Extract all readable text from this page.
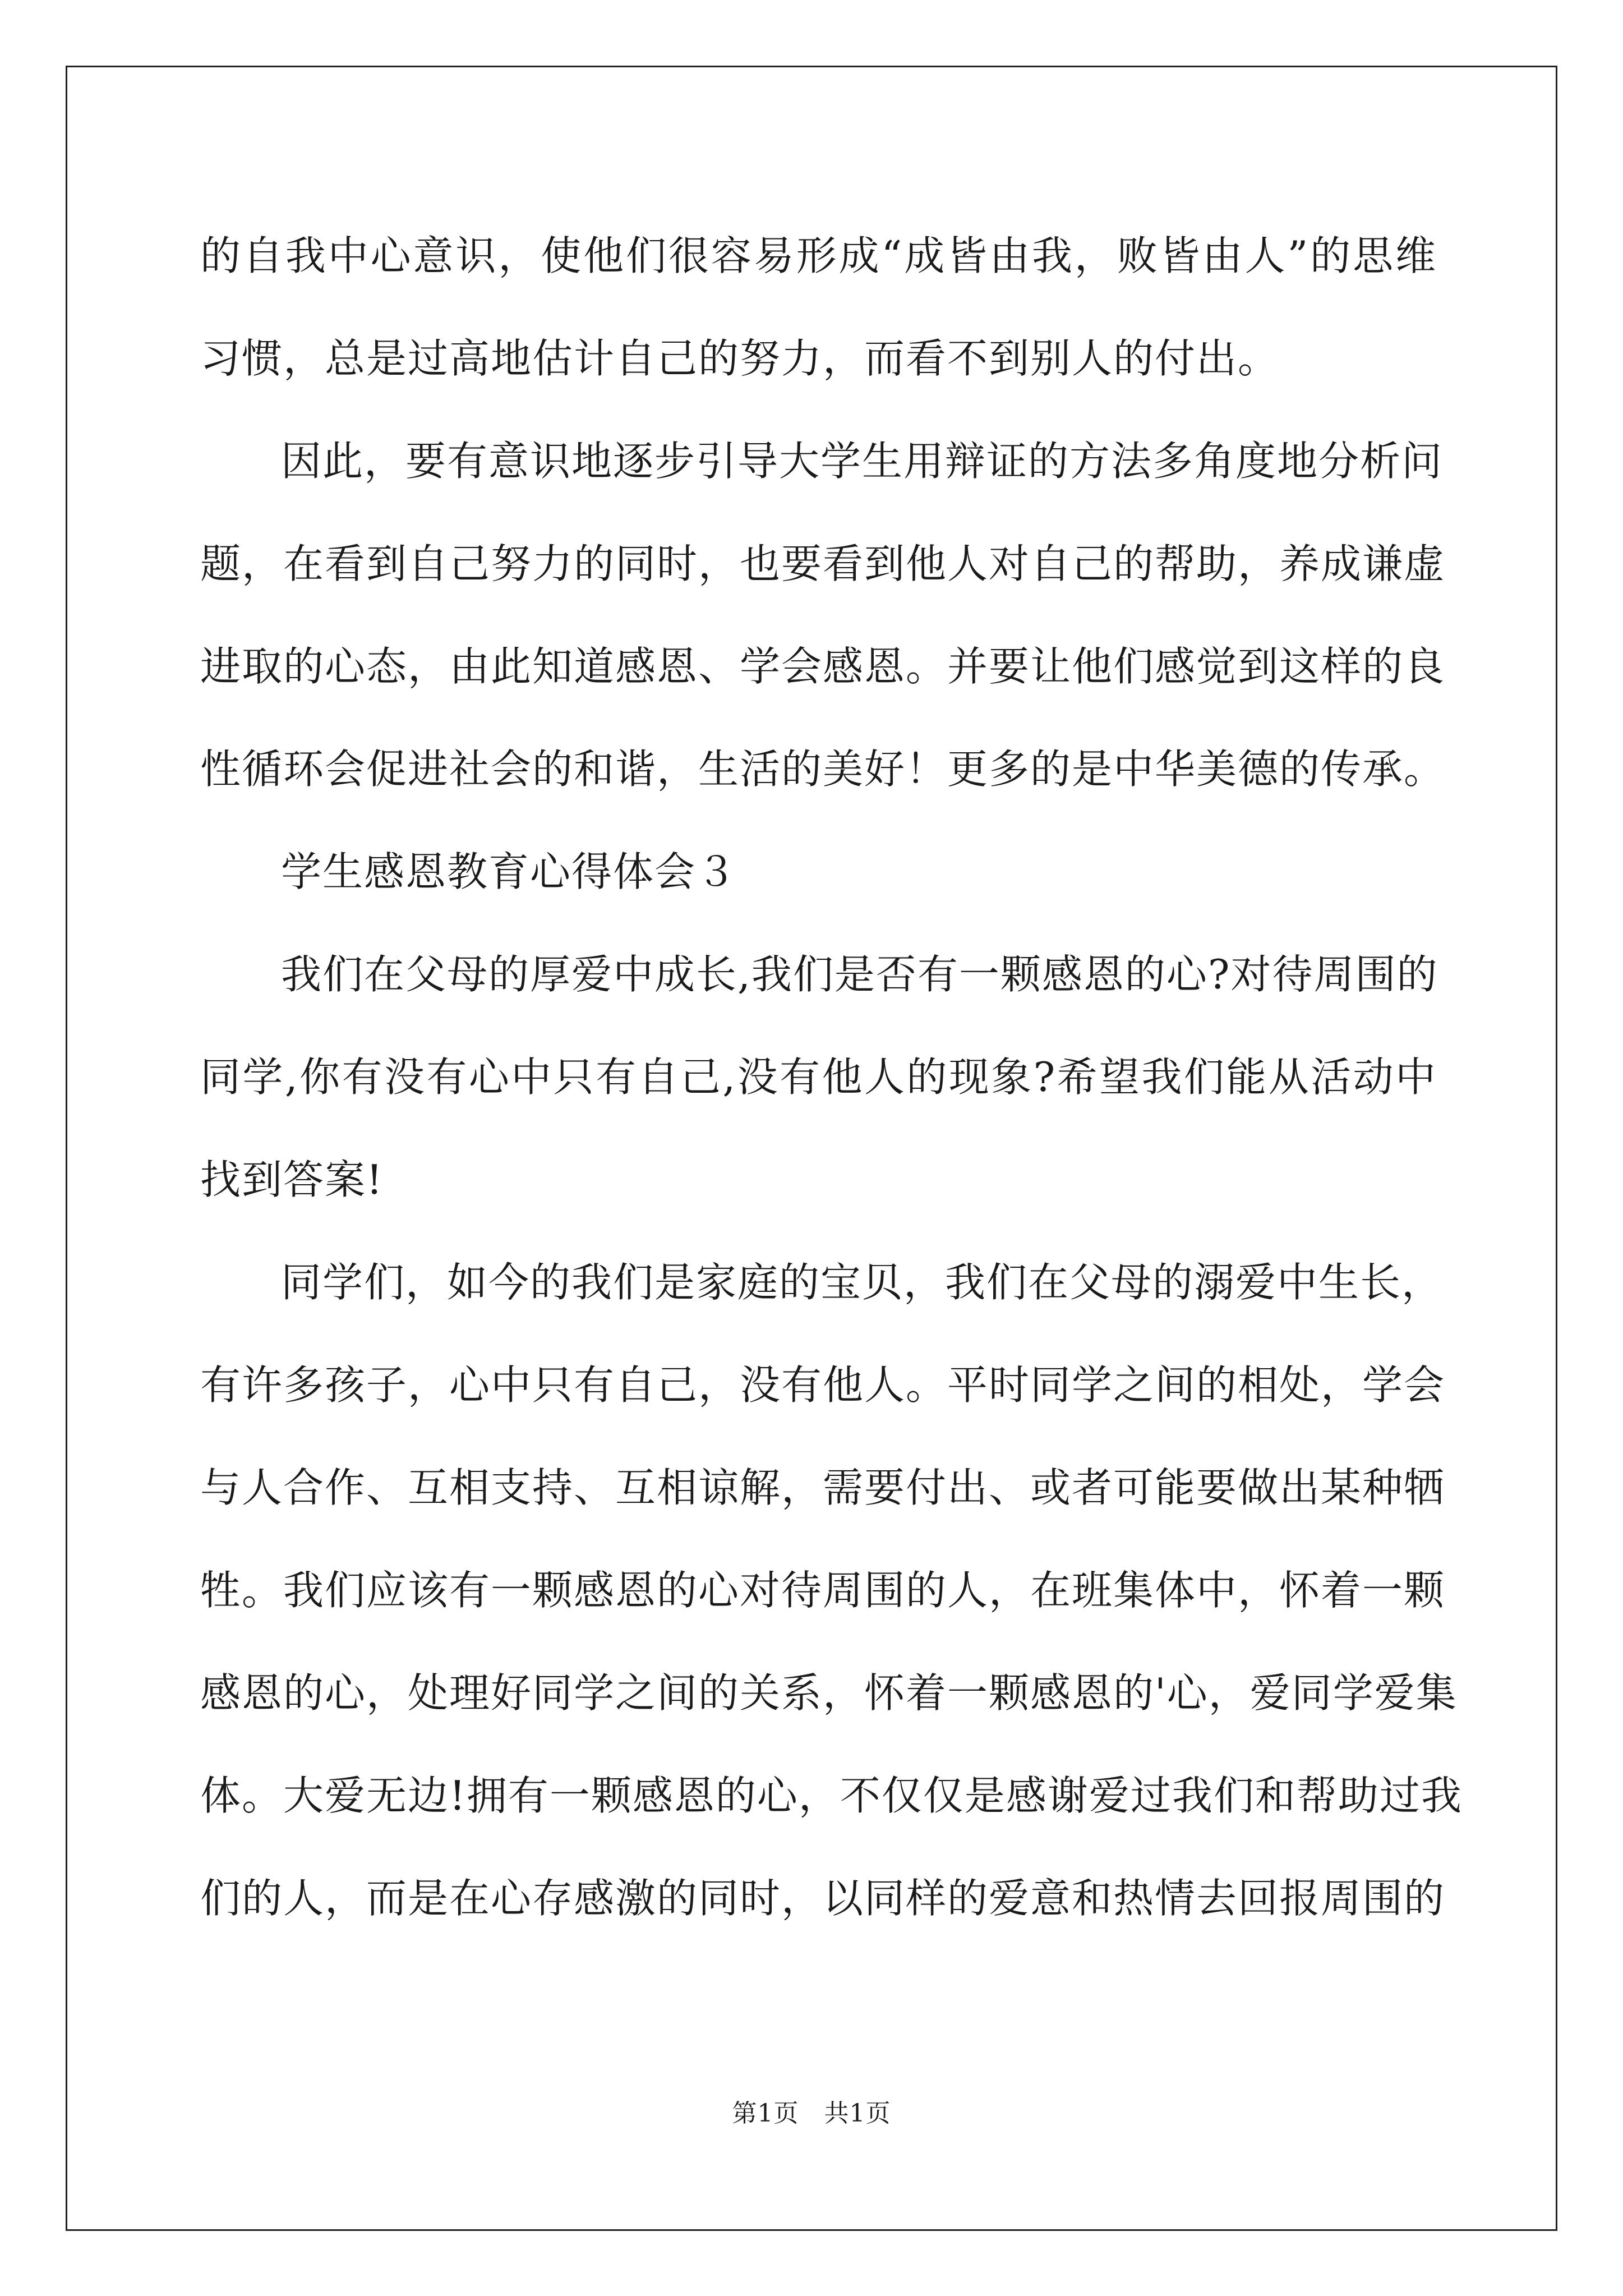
的自我中心意识，使他们很容易形成“成皆由我，败皆由人”的思维
习惯，总是过高地估计自己的努力，而看不到别人的付出。
因此，要有意识地逐步引导大学生用辩证的方法多角度地分析问
题，在看到自己努力的同时，也要看到他人对自己的帮助，养成谦虚
进取的心态，由此知道感恩、学会感恩。并要让他们感觉到这样的良
性循环会促进社会的和谐，生活的美好！更多的是中华美德的传承。
学生感恩教育心得体会３
我们在父母的厚爱中成长,我们是否有一颗感恩的心?对待周围的
同学,你有没有心中只有自己,没有他人的现象?希望我们能从活动中
找到答案!
同学们，如今的我们是家庭的宝贝，我们在父母的溺爱中生长，
有许多孩子，心中只有自己，没有他人。平时同学之间的相处，学会
与人合作、互相支持、互相谅解，需要付出、或者可能要做出某种牺
牲。我们应该有一颗感恩的心对待周围的人，在班集体中，怀着一颗
感恩的心，处理好同学之间的关系，怀着一颗感恩的'心，爱同学爱集
体。大爱无边!拥有一颗感恩的心，不仅仅是感谢爱过我们和帮助过我
们的人，而是在心存感激的同时，以同样的爱意和热情去回报周围的
第1页　共1页
